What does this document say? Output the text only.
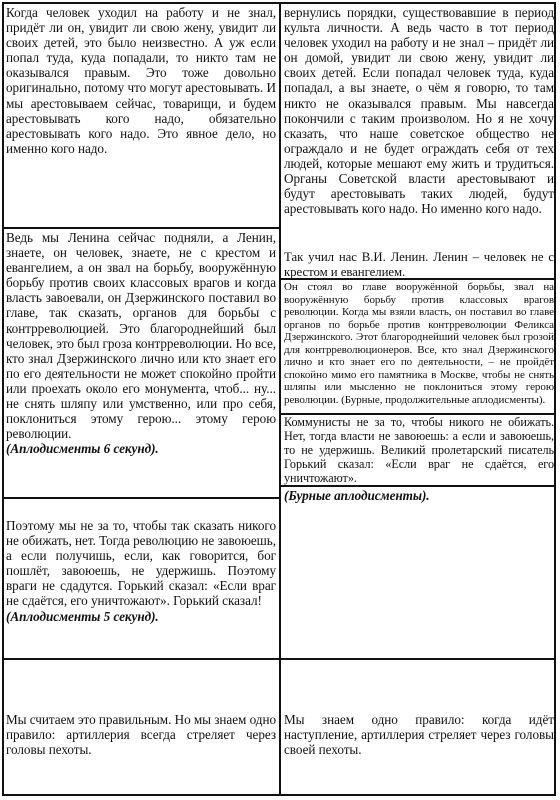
Когда человек уходил на работу и не знал, придёт ли он, увидит ли свою жену, увидит ли своих детей, это было неизвестно. А уж если попал туда, куда попадали, то никто там не оказывался правым. Это тоже довольно оригинально, потому что могут арестовывать. И мы арестовываем сейчас, товарищи, и будем арестовывать кого надо, обязательно арестовывать кого надо. Это явное дело, но именно кого надо.

Ведь мы Ленина сейчас подняли, а Ленин, знаете, он человек, знаете, не с крестом и евангелием, а он звал на борьбу, вооружённую борьбу против своих классовых врагов и когда власть завоевали, он Дзержинского поставил во главе, так сказать, органов для борьбы с контрреволюцией. Это благороднейший был человек, это был гроза контрреволюции. Но все, кто знал Дзержинского лично или кто знает его по его деятельности не может спокойно пройти или проехать около его монумента, чтоб... ну... не снять шляпу или умственно, или про себя, поклониться этому герою... этому герою революции.

(Аплодисменты 6 секунд).

Поэтому мы не за то, чтобы так сказать никого не обижать, нет. Тогда революцию не завоюешь, а если получишь, если, как говорится, бог пошлёт, завоюешь, не удержишь. Поэтому враги не сдадутся. Горький сказал: «Если враг не сдаётся, его уничтожают». Горький сказал!

(Аплодисменты 5 секунд).

Мы считаем это правильным. Но мы знаем одно правило: артиллерия всегда стреляет через головы пехоты.

вернулись порядки, существовавшие в период культа личности. А ведь часто в тот период человек уходил на работу и не знал – придёт ли он домой, увидит ли свою жену, увидит ли своих детей. Если попадал человек туда, куда попадал, а вы знаете, о чём я говорю, то там никто не оказывался правым. Мы навсегда покончили с таким произволом. Но я не хочу сказать, что наше советское общество не ограждало и не будет ограждать себя от тех людей, которые мешают ему жить и трудиться. Органы Советской власти арестовывают и будут арестовывать таких людей, будут арестовывать кого надо. Но именно кого надо.

Так учил нас В.И. Ленин. Ленин – человек не с крестом и евангелием.

Он стоял во главе вооружённой борьбы, звал на вооружённую борьбу против классовых врагов революции. Когда мы взяли власть, он поставил во главе органов по борьбе против контрреволюции Феликса Дзержинского. Этот благороднейший человек был грозой для контрреволюционеров. Все, кто знал Дзержинского лично и кто знает его по деятельности, – не пройдёт спокойно мимо его памятника в Москве, чтобы не снять шляпы или мысленно не поклониться этому герою революции. (Бурные, продолжительные аплодисменты).

Коммунисты не за то, чтобы никого не обижать. Нет, тогда власти не завоюешь: а если и завоюешь, то не удержишь. Великий пролетарский писатель Горький сказал: «Если враг не сдаётся, его уничтожают».

(Бурные аплодисменты).

Мы знаем одно правило: когда идёт наступление, артиллерия стреляет через головы своей пехоты.
